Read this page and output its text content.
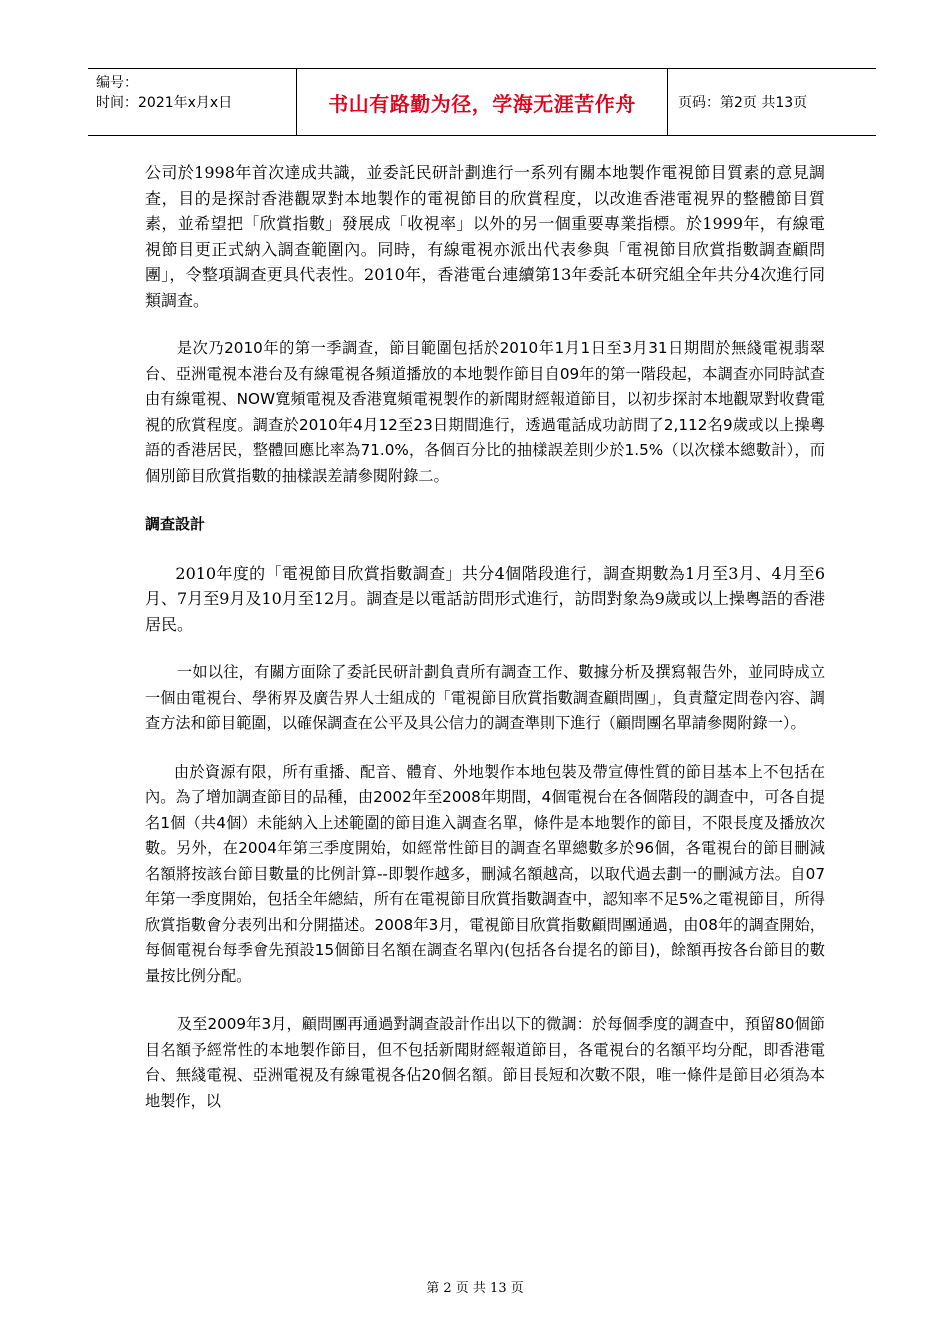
编号：
时间：2021年x月x日	书山有路勤为径，学海无涯苦作舟	页码：第2页 共13页

公司於1998年首次達成共識，並委託民研計劃進行一系列有關本地製作電視節目質素的意見調查，目的是探討香港觀眾對本地製作的電視節目的欣賞程度，以改進香港電視界的整體節目質素，並希望把「欣賞指數」發展成「收視率」以外的另一個重要專業指標。於1999年，有線電視節目更正式納入調查範圍內。同時，有線電視亦派出代表參與「電視節目欣賞指數調查顧問團」，令整項調查更具代表性。2010年，香港電台連續第13年委託本研究組全年共分4次進行同類調查。

是次乃2010年的第一季調查，節目範圍包括於2010年1月1日至3月31日期間於無綫電視翡翠台、亞洲電視本港台及有線電視各頻道播放的本地製作節目自09年的第一階段起，本調查亦同時試查由有線電視、NOW寬頻電視及香港寬頻電視製作的新聞財經報道節目，以初步探討本地觀眾對收費電視的欣賞程度。調查於2010年4月12至23日期間進行，透過電話成功訪問了2,112名9歲或以上操粵語的香港居民，整體回應比率為71.0%，各個百分比的抽樣誤差則少於1.5%（以次樣本總數計），而個別節目欣賞指數的抽樣誤差請參閱附錄二。

調查設計

2010年度的「電視節目欣賞指數調查」共分4個階段進行，調查期數為1月至3月、4月至6月、7月至9月及10月至12月。調查是以電話訪問形式進行，訪問對象為9歲或以上操粵語的香港居民。

一如以往，有關方面除了委託民研計劃負責所有調查工作、數據分析及撰寫報告外，並同時成立一個由電視台、學術界及廣告界人士組成的「電視節目欣賞指數調查顧問團」，負責釐定問卷內容、調查方法和節目範圍，以確保調查在公平及具公信力的調查準則下進行（顧問團名單請參閱附錄一）。

由於資源有限，所有重播、配音、體育、外地製作本地包裝及帶宣傳性質的節目基本上不包括在內。為了增加調查節目的品種，由2002年至2008年期間，4個電視台在各個階段的調查中，可各自提名1個（共4個）未能納入上述範圍的節目進入調查名單，條件是本地製作的節目，不限長度及播放次數。另外，在2004年第三季度開始，如經常性節目的調查名單總數多於96個，各電視台的節目刪減名額將按該台節目數量的比例計算--即製作越多，刪減名額越高，以取代過去劃一的刪減方法。自07年第一季度開始，包括全年總結，所有在電視節目欣賞指數調查中，認知率不足5%之電視節目，所得欣賞指數會分表列出和分開描述。2008年3月，電視節目欣賞指數顧問團通過，由08年的調查開始，每個電視台每季會先預設15個節目名額在調查名單內(包括各台提名的節目)，餘額再按各台節目的數量按比例分配。

及至2009年3月，顧問團再通過對調查設計作出以下的微調：於每個季度的調查中，預留80個節目名額予經常性的本地製作節目，但不包括新聞財經報道節目，各電視台的名額平均分配，即香港電台、無綫電視、亞洲電視及有線電視各佔20個名額。節目長短和次數不限，唯一條件是節目必須為本地製作，以

第 2 页 共 13 页
